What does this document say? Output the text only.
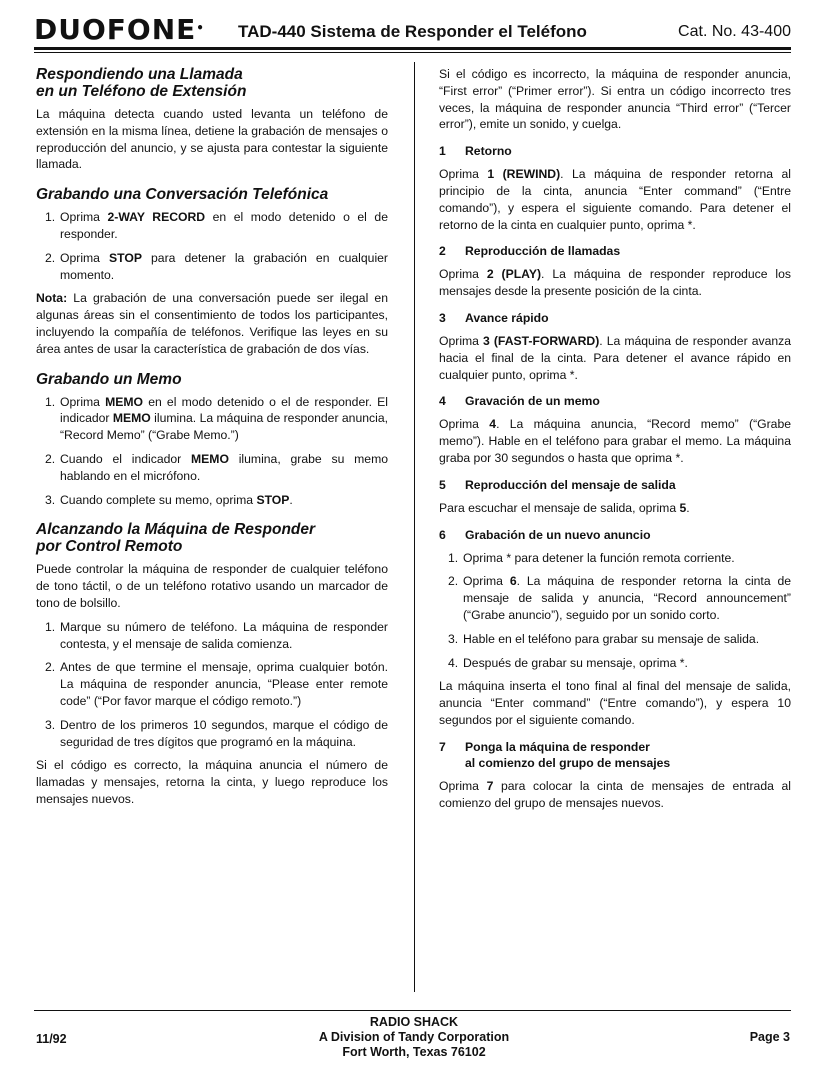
DUOFONE• TAD-440 Sistema de Responder el Teléfono	Cat. No. 43-400
Respondiendo una Llamada
en un Teléfono de Extensión

La máquina detecta cuando usted levanta un teléfono de extensión en la misma línea, detiene la grabación de mensajes o reproducción del anuncio, y se ajusta para contestar la siguiente llamada.

Grabando una Conversación Telefónica
1. Oprima 2-WAY RECORD en el modo detenido o el de responder.
2. Oprima STOP para detener la grabación en cualquier momento.

Nota: La grabación de una conversación puede ser ilegal en algunas áreas sin el consentimiento de todos los participantes, incluyendo la compañía de teléfonos. Verifique las leyes en su área antes de usar la característica de grabación de dos vías.

Grabando un Memo
1. Oprima MEMO en el modo detenido o el de responder. El indicador MEMO ilumina. La máquina de responder anuncia, “Record Memo” (“Grabe Memo.”)
2. Cuando el indicador MEMO ilumina, grabe su memo hablando en el micrófono.
3. Cuando complete su memo, oprima STOP.
Alcanzando la Máquina de Responder
por Control Remoto

Puede controlar la máquina de responder de cualquier teléfono de tono táctil, o de un teléfono rotativo usando un marcador de tono de bolsillo.

1. Marque su número de teléfono. La máquina de responder contesta, y el mensaje de salida comienza.
2. Antes de que termine el mensaje, oprima cualquier botón. La máquina de responder anuncia, “Please enter remote code” (“Por favor marque el código remoto.”)
3. Dentro de los primeros 10 segundos, marque el código de seguridad de tres dígitos que programó en la máquina.

Si el código es correcto, la máquina anuncia el número de llamadas y mensajes, retorna la cinta, y luego reproduce los mensajes nuevos.

Si el código es incorrecto, la máquina de responder anuncia, “First error” (“Primer error”). Si entra un código incorrecto tres veces, la máquina de responder anuncia “Third error” (“Tercer error”), emite un sonido, y cuelga.

1	Retorno

Oprima 1 (REWIND). La máquina de responder retorna al principio de la cinta, anuncia “Enter command” (“Entre comando”), y espera el siguiente comando. Para detener el retorno de la cinta en cualquier punto, oprima *.

2	Reproducción de llamadas

Oprima 2 (PLAY). La máquina de responder reproduce los mensajes desde la presente posición de la cinta.

3	Avance rápido

Oprima 3 (FAST-FORWARD). La máquina de responder avanza hacia el final de la cinta. Para detener el avance rápido en cualquier punto, oprima *.

4	Gravación de un memo

Oprima 4. La máquina anuncia, “Record memo” (“Grabe memo”). Hable en el teléfono para grabar el memo. La máquina graba por 30 segundos o hasta que oprima *.

5	Reproducción del mensaje de salida

Para escuchar el mensaje de salida, oprima 5.

6	Grabación de un nuevo anuncio
1. Oprima * para detener la función remota corriente.
2. Oprima 6. La máquina de responder retorna la cinta de mensaje de salida y anuncia, “Record announcement” (“Grabe anuncio”), seguido por un sonido corto.
3. Hable en el teléfono para grabar su mensaje de salida.
4. Después de grabar su mensaje, oprima *.

La máquina inserta el tono final al final del mensaje de salida, anuncia “Enter command” (“Entre comando”), y espera 10 segundos por el siguiente comando.

7	Ponga la máquina de responder
al comienzo del grupo de mensajes

Oprima 7 para colocar la cinta de mensajes de entrada al comienzo del grupo de mensajes nuevos.

11/92
RADIO SHACK
A Division of Tandy Corporation
Fort Worth, Texas 76102
Page 3
